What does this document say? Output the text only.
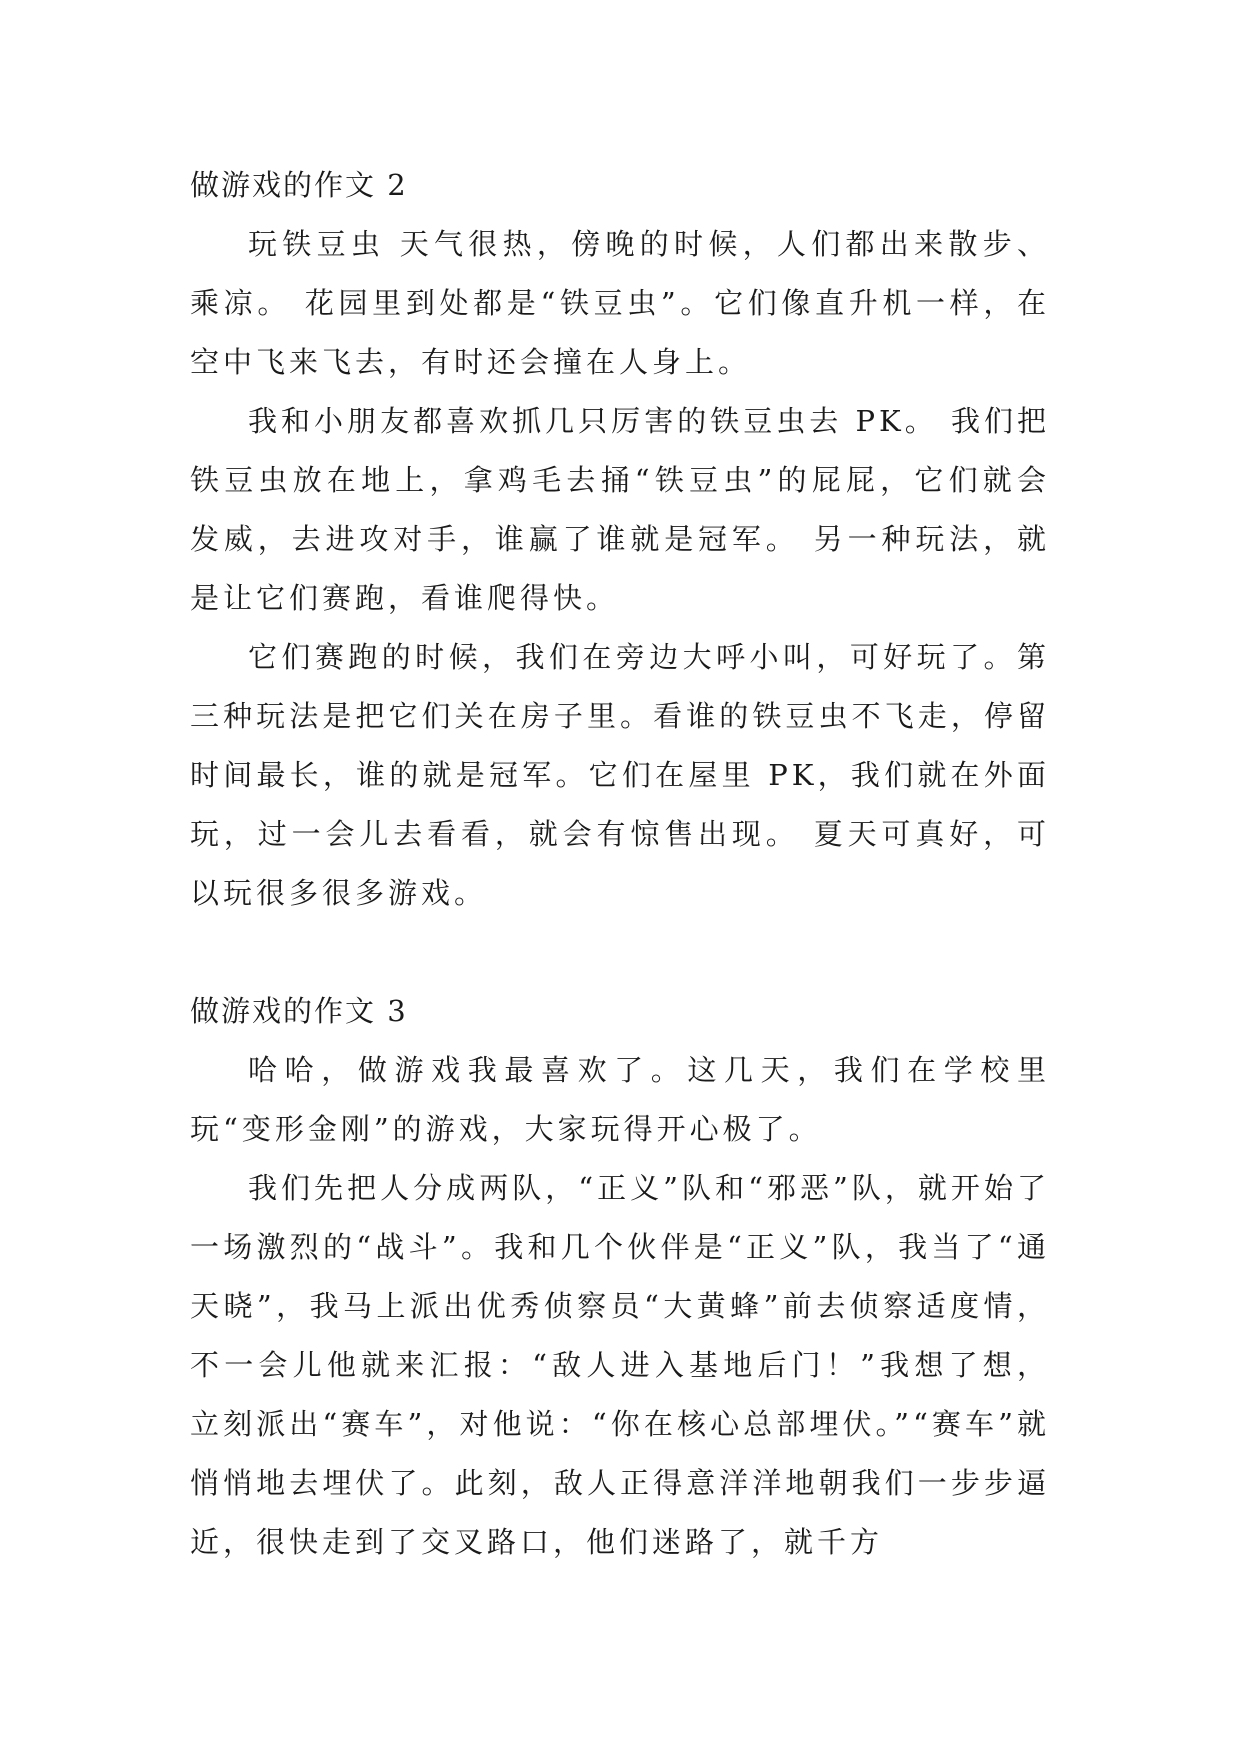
做游戏的作文 2

玩铁豆虫 天气很热，傍晚的时候，人们都出来散步、乘凉。 花园里到处都是“铁豆虫”。它们像直升机一样，在空中飞来飞去，有时还会撞在人身上。

我和小朋友都喜欢抓几只厉害的铁豆虫去 PK。 我们把铁豆虫放在地上，拿鸡毛去捅“铁豆虫”的屁屁，它们就会发威，去进攻对手，谁赢了谁就是冠军。 另一种玩法，就是让它们赛跑，看谁爬得快。

它们赛跑的时候，我们在旁边大呼小叫，可好玩了。第三种玩法是把它们关在房子里。看谁的铁豆虫不飞走，停留时间最长，谁的就是冠军。它们在屋里 PK，我们就在外面玩，过一会儿去看看，就会有惊售出现。 夏天可真好，可以玩很多很多游戏。

做游戏的作文 3

哈哈，做游戏我最喜欢了。这几天，我们在学校里玩“变形金刚”的游戏，大家玩得开心极了。

我们先把人分成两队，“正义”队和“邪恶”队，就开始了一场激烈的“战斗”。我和几个伙伴是“正义”队，我当了“通天晓”，我马上派出优秀侦察员“大黄蜂”前去侦察适度情，不一会儿他就来汇报：“敌人进入基地后门！”我想了想，立刻派出“赛车”，对他说：“你在核心总部埋伏。”“赛车”就悄悄地去埋伏了。此刻，敌人正得意洋洋地朝我们一步步逼近，很快走到了交叉路口，他们迷路了，就千方
